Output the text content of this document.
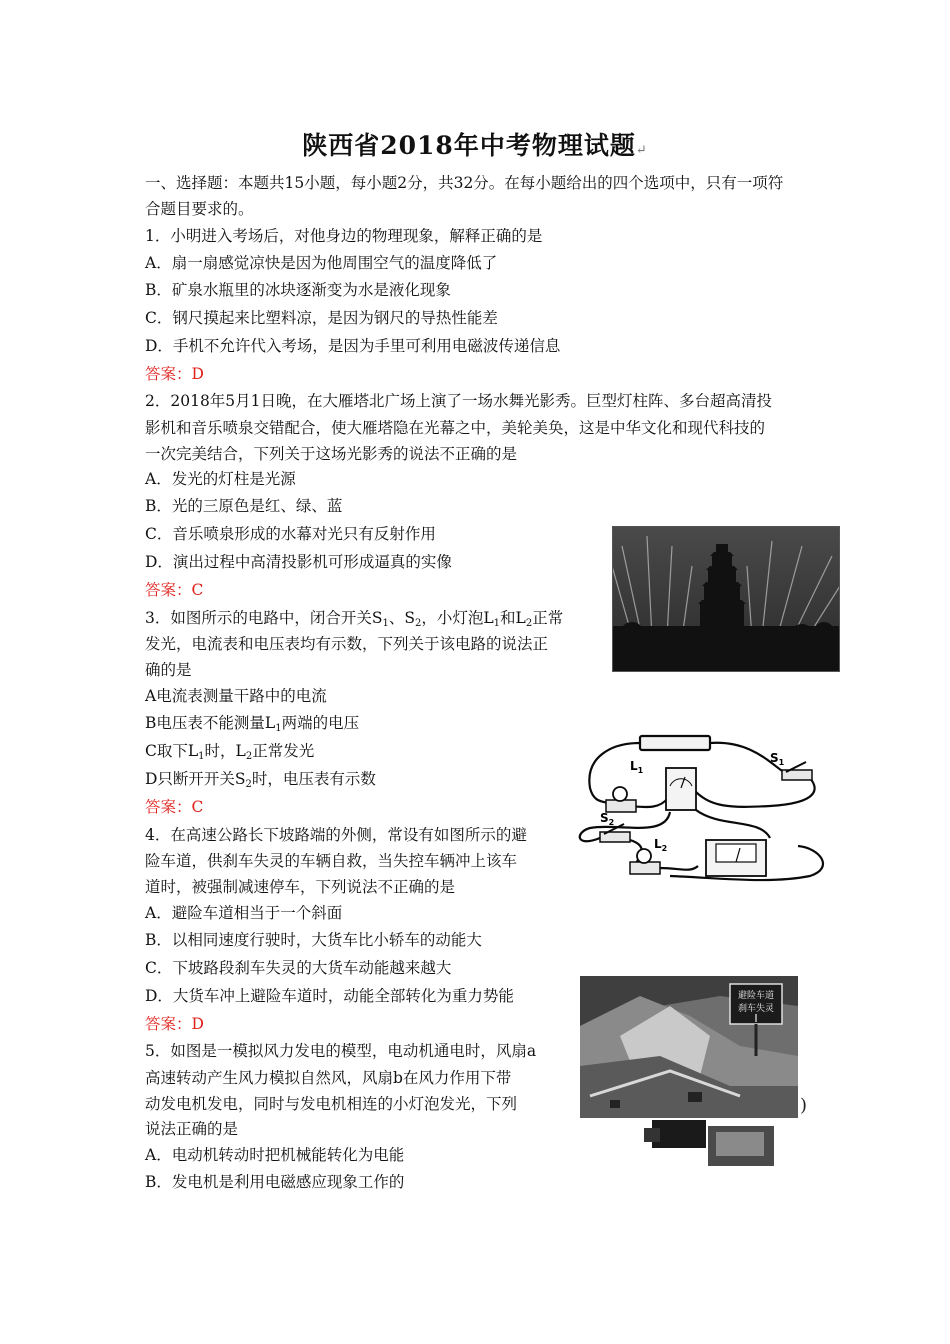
陕西省2018年中考物理试题↵
一、选择题：本题共15小题，每小题2分，共32分。在每小题给出的四个选项中，只有一项符
合题目要求的。
1．小明进入考场后，对他身边的物理现象，解释正确的是
A．扇一扇感觉凉快是因为他周围空气的温度降低了
B．矿泉水瓶里的冰块逐渐变为水是液化现象
C．钢尺摸起来比塑料凉，是因为钢尺的导热性能差
D．手机不允许代入考场，是因为手里可利用电磁波传递信息
答案：D
2．2018年5月1日晚，在大雁塔北广场上演了一场水舞光影秀。巨型灯柱阵、多台超高清投
影机和音乐喷泉交错配合，使大雁塔隐在光幕之中，美轮美奂，这是中华文化和现代科技的
一次完美结合，下列关于这场光影秀的说法不正确的是
A．发光的灯柱是光源
B．光的三原色是红、绿、蓝
C．音乐喷泉形成的水幕对光只有反射作用
D．演出过程中高清投影机可形成逼真的实像
答案：C
3．如图所示的电路中，闭合开关$S_1$、$S_2$，小灯泡$L_1$和$L_2$正常
发光，电流表和电压表均有示数，下列关于该电路的说法正
确的是
A电流表测量干路中的电流
B电压表不能测量$L_1$两端的电压
C取下$L_1$时，$L_2$正常发光
D只断开开关$S_2$时，电压表有示数
答案：C
$S_1$
$L_1$
$S_2$
$L_2$
4．在高速公路长下坡路端的外侧，常设有如图所示的避
险车道，供刹车失灵的车辆自救，当失控车辆冲上该车
道时，被强制减速停车，下列说法不正确的是
A．避险车道相当于一个斜面
B．以相同速度行驶时，大货车比小轿车的动能大
C．下坡路段刹车失灵的大货车动能越来越大
D．大货车冲上避险车道时，动能全部转化为重力势能
答案：D
避险车道
刹车失灵
)
5．如图是一模拟风力发电的模型，电动机通电时，风扇a
高速转动产生风力模拟自然风，风扇b在风力作用下带
动发电机发电，同时与发电机相连的小灯泡发光，下列
说法正确的是
A．电动机转动时把机械能转化为电能
B．发电机是利用电磁感应现象工作的
